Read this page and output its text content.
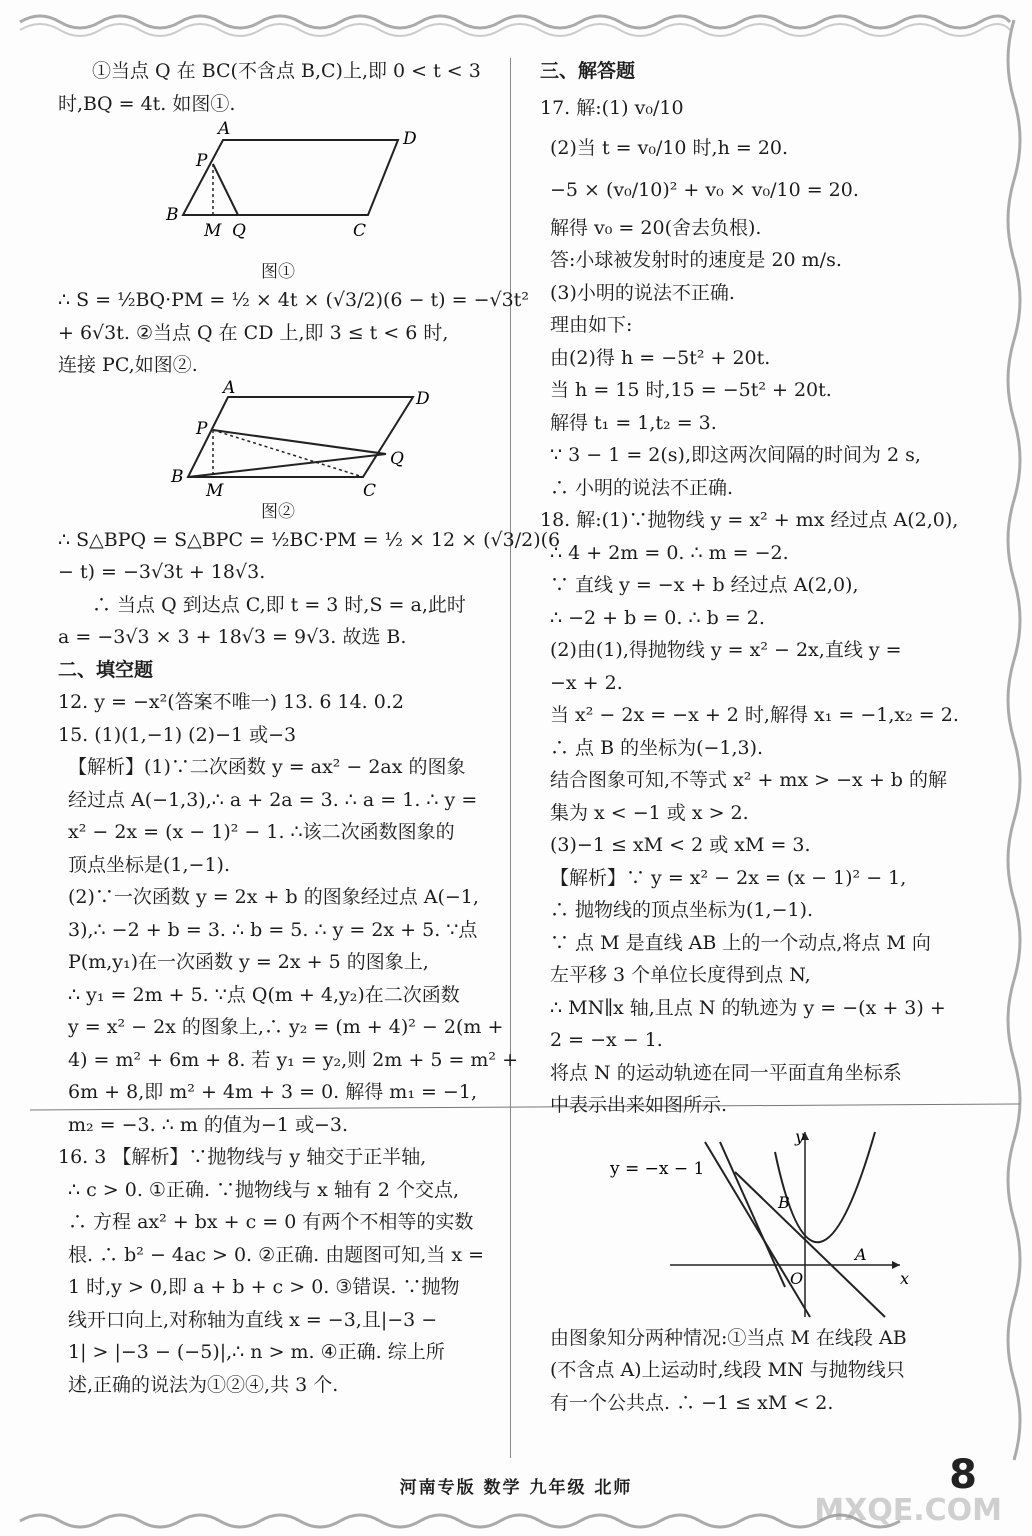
①当点 Q 在 BC(不含点 B,C)上,即 0 < t < 3
时,BQ = 4t. 如图①.
A	D
P
B
M Q	C
图①
∴ S = ½BQ·PM = ½ × 4t × (√3/2)(6 − t) = −√3t²
+ 6√3t. ②当点 Q 在 CD 上,即 3 ≤ t < 6 时,
连接 PC,如图②.
A
D
P
Q
B
M	C
图②
∴ S△BPQ = S△BPC = ½BC·PM = ½ × 12 × (√3/2)(6
− t) = −3√3t + 18√3.
∴ 当点 Q 到达点 C,即 t = 3 时,S = a,此时
a = −3√3 × 3 + 18√3 = 9√3. 故选 B.
二、填空题
12. y = −x²(答案不唯一) 13. 6 14. 0.2
15. (1)(1,−1) (2)−1 或−3
【解析】(1)∵二次函数 y = ax² − 2ax 的图象
经过点 A(−1,3),∴ a + 2a = 3. ∴ a = 1. ∴ y =
x² − 2x = (x − 1)² − 1. ∴该二次函数图象的
顶点坐标是(1,−1).
(2)∵一次函数 y = 2x + b 的图象经过点 A(−1,
3),∴ −2 + b = 3. ∴ b = 5. ∴ y = 2x + 5. ∵点
P(m,y₁)在一次函数 y = 2x + 5 的图象上,
∴ y₁ = 2m + 5. ∵点 Q(m + 4,y₂)在二次函数
y = x² − 2x 的图象上,∴ y₂ = (m + 4)² − 2(m +
4) = m² + 6m + 8. 若 y₁ = y₂,则 2m + 5 = m² +
6m + 8,即 m² + 4m + 3 = 0. 解得 m₁ = −1,
m₂ = −3. ∴ m 的值为−1 或−3.
16. 3 【解析】∵抛物线与 y 轴交于正半轴,
∴ c > 0. ①正确. ∵抛物线与 x 轴有 2 个交点,
∴ 方程 ax² + bx + c = 0 有两个不相等的实数
根. ∴ b² − 4ac > 0. ②正确. 由题图可知,当 x =
1 时,y > 0,即 a + b + c > 0. ③错误. ∵抛物
线开口向上,对称轴为直线 x = −3,且|−3 −
1| > |−3 − (−5)|,∴ n > m. ④正确. 综上所
述,正确的说法为①②④,共 3 个.
三、解答题
17. 解:(1) v₀/10
(2)当 t = v₀/10 时,h = 20.
−5 × (v₀/10)² + v₀ × v₀/10 = 20.
解得 v₀ = 20(舍去负根).
答:小球被发射时的速度是 20 m/s.
(3)小明的说法不正确.
理由如下:
由(2)得 h = −5t² + 20t.
当 h = 15 时,15 = −5t² + 20t.
解得 t₁ = 1,t₂ = 3.
∵ 3 − 1 = 2(s),即这两次间隔的时间为 2 s,
∴ 小明的说法不正确.
18. 解:(1)∵抛物线 y = x² + mx 经过点 A(2,0),
∴ 4 + 2m = 0. ∴ m = −2.
∵ 直线 y = −x + b 经过点 A(2,0),
∴ −2 + b = 0. ∴ b = 2.
(2)由(1),得抛物线 y = x² − 2x,直线 y =
−x + 2.
当 x² − 2x = −x + 2 时,解得 x₁ = −1,x₂ = 2.
∴ 点 B 的坐标为(−1,3).
结合图象可知,不等式 x² + mx > −x + b 的解
集为 x < −1 或 x > 2.
(3)−1 ≤ xM < 2 或 xM = 3.
【解析】∵ y = x² − 2x = (x − 1)² − 1,
∴ 抛物线的顶点坐标为(1,−1).
∵ 点 M 是直线 AB 上的一个动点,将点 M 向
左平移 3 个单位长度得到点 N,
∴ MN∥x 轴,且点 N 的轨迹为 y = −(x + 3) +
2 = −x − 1.
将点 N 的运动轨迹在同一平面直角坐标系
中表示出来如图所示.
y
y = −x − 1
B
A
O	x
由图象知分两种情况:①当点 M 在线段 AB
(不含点 A)上运动时,线段 MN 与抛物线只
有一个公共点. ∴ −1 ≤ xM < 2.
河南专版 数学 九年级 北师	8
MXQE.COM
